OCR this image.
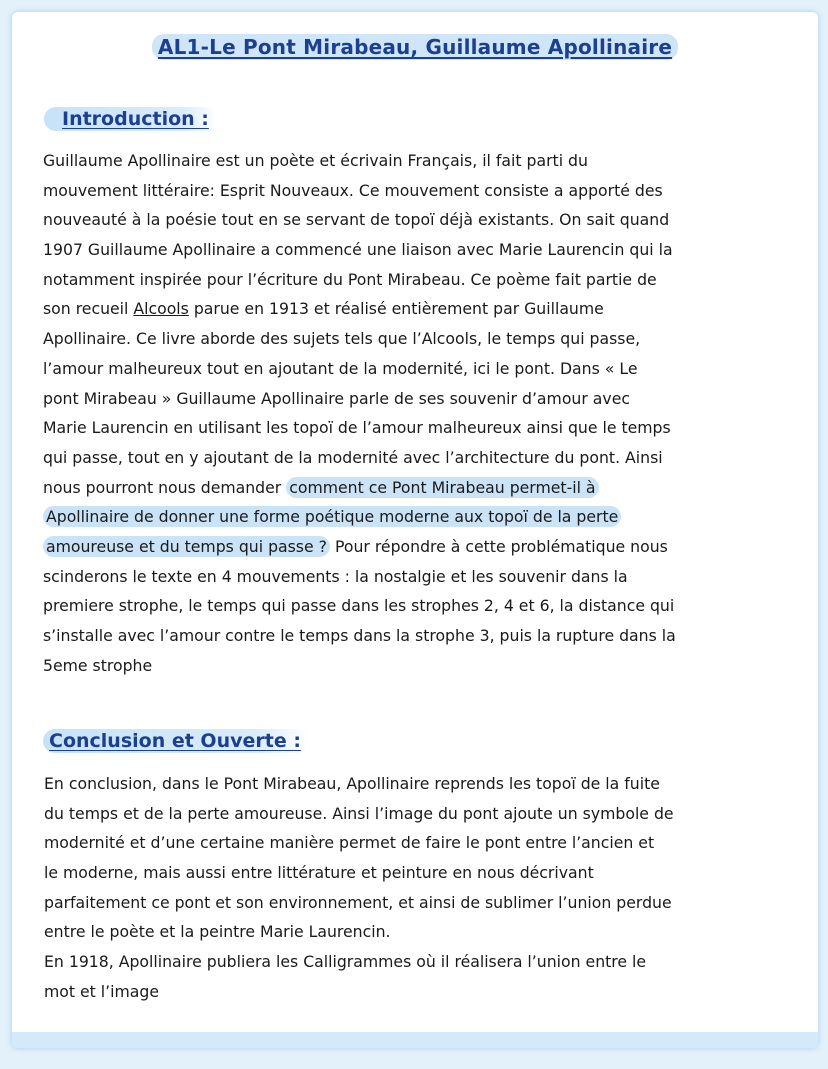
AL1-Le Pont Mirabeau, Guillaume Apollinaire
Introduction :
Guillaume Apollinaire est un poète et écrivain Français, il fait parti du
mouvement littéraire: Esprit Nouveaux. Ce mouvement consiste a apporté des
nouveauté à la poésie tout en se servant de topoï déjà existants. On sait quand
1907 Guillaume Apollinaire a commencé une liaison avec Marie Laurencin qui la
notamment inspirée pour l’écriture du Pont Mirabeau. Ce poème fait partie de
son recueil Alcools parue en 1913 et réalisé entièrement par Guillaume
Apollinaire. Ce livre aborde des sujets tels que l’Alcools, le temps qui passe,
l’amour malheureux tout en ajoutant de la modernité, ici le pont. Dans « Le
pont Mirabeau » Guillaume Apollinaire parle de ses souvenir d’amour avec
Marie Laurencin en utilisant les topoï de l’amour malheureux ainsi que le temps
qui passe, tout en y ajoutant de la modernité avec l’architecture du pont. Ainsi
nous pourront nous demander comment ce Pont Mirabeau permet-il à
Apollinaire de donner une forme poétique moderne aux topoï de la perte
amoureuse et du temps qui passe ? Pour répondre à cette problématique nous
scinderons le texte en 4 mouvements : la nostalgie et les souvenir dans la
premiere strophe, le temps qui passe dans les strophes 2, 4 et 6, la distance qui
s’installe avec l’amour contre le temps dans la strophe 3, puis la rupture dans la
5eme strophe
Conclusion et Ouverte :
En conclusion, dans le Pont Mirabeau, Apollinaire reprends les topoï de la fuite
du temps et de la perte amoureuse. Ainsi l’image du pont ajoute un symbole de
modernité et d’une certaine manière permet de faire le pont entre l’ancien et
le moderne, mais aussi entre littérature et peinture en nous décrivant
parfaitement ce pont et son environnement, et ainsi de sublimer l’union perdue
entre le poète et la peintre Marie Laurencin.
En 1918, Apollinaire publiera les Calligrammes où il réalisera l’union entre le
mot et l’image
